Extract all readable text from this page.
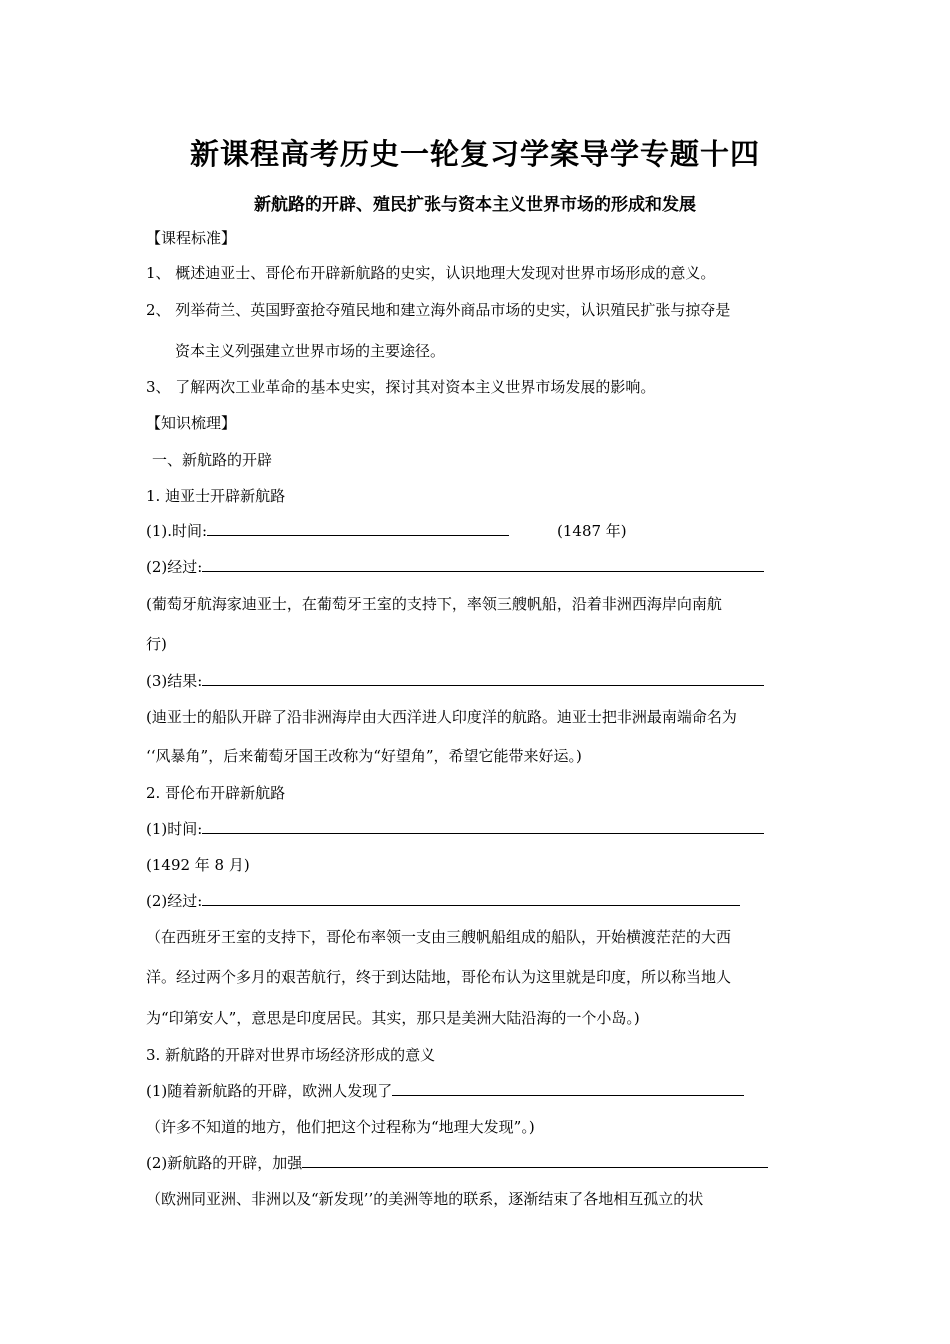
新课程高考历史一轮复习学案导学专题十四
新航路的开辟、殖民扩张与资本主义世界市场的形成和发展
【课程标准】
1、 概述迪亚士、哥伦布开辟新航路的史实，认识地理大发现对世界市场形成的意义。
2、 列举荷兰、英国野蛮抢夺殖民地和建立海外商品市场的史实，认识殖民扩张与掠夺是
资本主义列强建立世界市场的主要途径。
3、 了解两次工业革命的基本史实，探讨其对资本主义世界市场发展的影响。
【知识梳理】
一、新航路的开辟
1. 迪亚士开辟新航路
(1).时间:	(1487 年)
(2)经过:
(葡萄牙航海家迪亚士，在葡萄牙王室的支持下，率领三艘帆船，沿着非洲西海岸向南航
行)
(3)结果:
(迪亚士的船队开辟了沿非洲海岸由大西洋进人印度洋的航路。迪亚士把非洲最南端命名为
‘‘风暴角”，后来葡萄牙国王改称为“好望角”，希望它能带来好运。)
2. 哥伦布开辟新航路
(1)时间:
(1492 年 8 月)
(2)经过:
（在西班牙王室的支持下，哥伦布率领一支由三艘帆船组成的船队，开始横渡茫茫的大西
洋。经过两个多月的艰苦航行，终于到达陆地，哥伦布认为这里就是印度，所以称当地人
为“印第安人”，意思是印度居民。其实，那只是美洲大陆沿海的一个小岛。)
3. 新航路的开辟对世界市场经济形成的意义
(1)随着新航路的开辟，欧洲人发现了
（许多不知道的地方，他们把这个过程称为“地理大发现”。)
(2)新航路的开辟，加强
（欧洲同亚洲、非洲以及“新发现’’的美洲等地的联系，逐渐结束了各地相互孤立的状
